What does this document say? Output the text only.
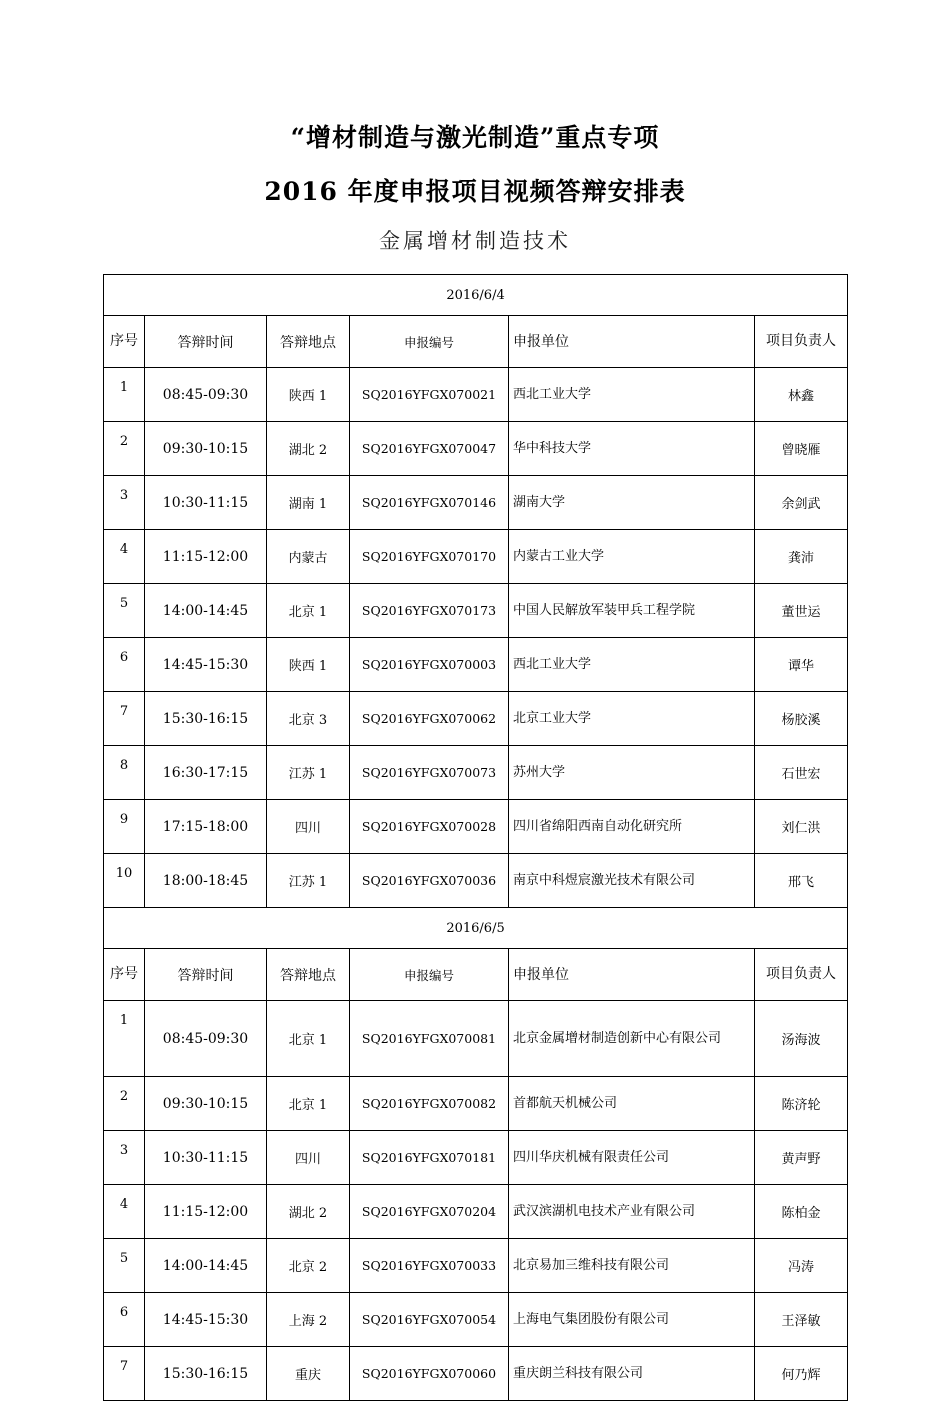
“增材制造与激光制造”重点专项
2016 年度申报项目视频答辩安排表
金属增材制造技术
2016/6/4					
序号	答辩时间	答辩地点	申报编号	申报单位	项目负责人
1	08:45-09:30	陕西 1	SQ2016YFGX070021	西北工业大学	林鑫
2	09:30-10:15	湖北 2	SQ2016YFGX070047	华中科技大学	曾晓雁
3	10:30-11:15	湖南 1	SQ2016YFGX070146	湖南大学	余剑武
4	11:15-12:00	内蒙古	SQ2016YFGX070170	内蒙古工业大学	龚沛
5	14:00-14:45	北京 1	SQ2016YFGX070173	中国人民解放军装甲兵工程学院	董世运
6	14:45-15:30	陕西 1	SQ2016YFGX070003	西北工业大学	谭华
7	15:30-16:15	北京 3	SQ2016YFGX070062	北京工业大学	杨胶溪
8	16:30-17:15	江苏 1	SQ2016YFGX070073	苏州大学	石世宏
9	17:15-18:00	四川	SQ2016YFGX070028	四川省绵阳西南自动化研究所	刘仁洪
10	18:00-18:45	江苏 1	SQ2016YFGX070036	南京中科煜宸激光技术有限公司	邢飞
2016/6/5					
序号	答辩时间	答辩地点	申报编号	申报单位	项目负责人
1	08:45-09:30	北京 1	SQ2016YFGX070081	北京金属增材制造创新中心有限公司	汤海波
2	09:30-10:15	北京 1	SQ2016YFGX070082	首都航天机械公司	陈济轮
3	10:30-11:15	四川	SQ2016YFGX070181	四川华庆机械有限责任公司	黄声野
4	11:15-12:00	湖北 2	SQ2016YFGX070204	武汉滨湖机电技术产业有限公司	陈柏金
5	14:00-14:45	北京 2	SQ2016YFGX070033	北京易加三维科技有限公司	冯涛
6	14:45-15:30	上海 2	SQ2016YFGX070054	上海电气集团股份有限公司	王泽敏
7	15:30-16:15	重庆	SQ2016YFGX070060	重庆朗兰科技有限公司	何乃辉
